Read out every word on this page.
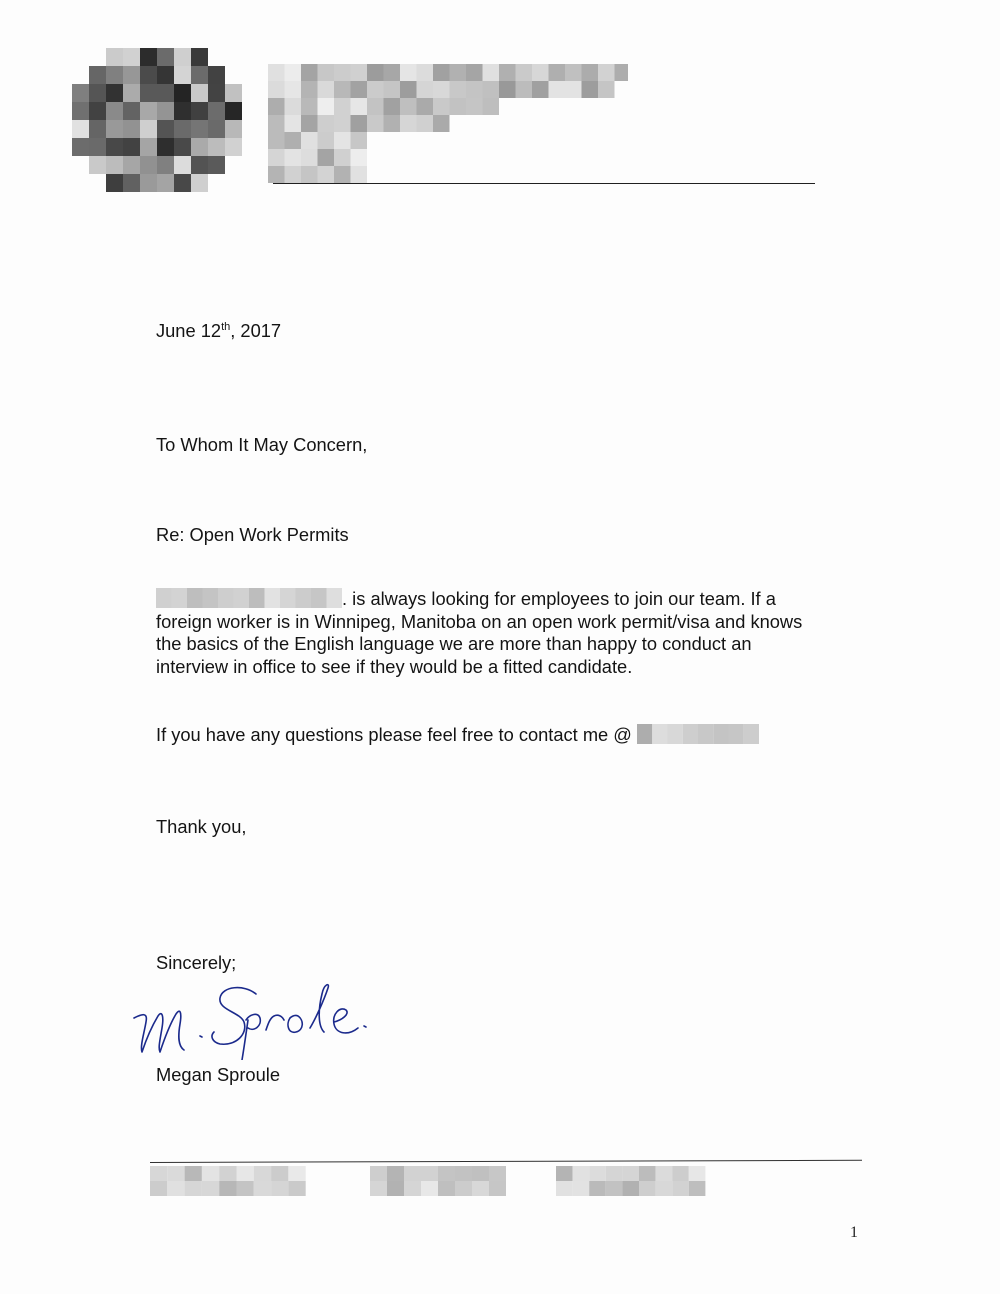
June 12th, 2017
To Whom It May Concern,
Re: Open Work Permits
. is always looking for employees to join our team. If a
foreign worker is in Winnipeg, Manitoba on an open work permit/visa and knows
the basics of the English language we are more than happy to conduct an
interview in office to see if they would be a fitted candidate.
If you have any questions please feel free to contact me @
Thank you,
Sincerely;
Megan Sproule
1
